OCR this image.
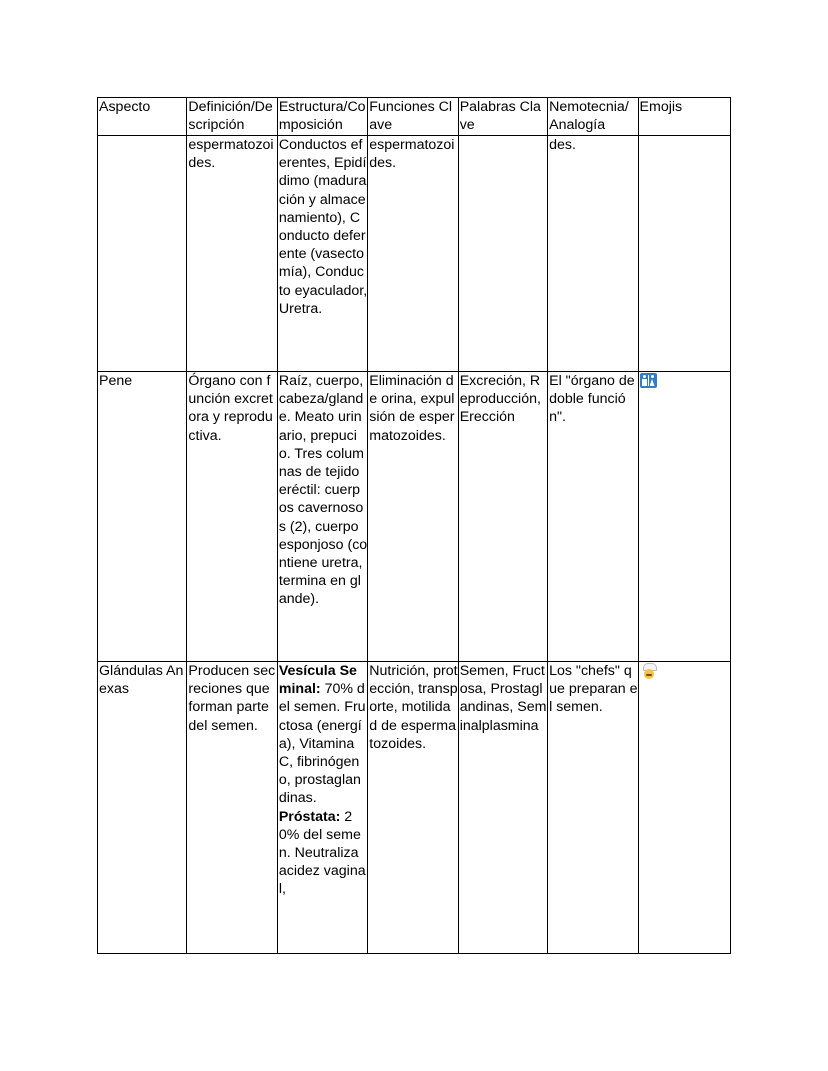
Aspecto	Definición/Descripción	Estructura/Composición	Funciones Clave	Palabras Clave	Nemotecnia/Analogía	Emojis
	espermatozoides.	Conductos eferentes, Epidídimo (maduración y almacenamiento), Conducto deferente (vasectomía), Conducto eyaculador, Uretra.	espermatozoides.		des.	
Pene	Órgano con función excretora y reproductiva.	Raíz, cuerpo, cabeza/glande. Meato urinario, prepucio. Tres columnas de tejido eréctil: cuerpos cavernosos (2), cuerpo esponjoso (contiene uretra, termina en glande).	Eliminación de orina, expulsión de espermatozoides.	Excreción, Reproducción, Erección	El "órgano de doble función".	

Glándulas Anexas	Producen secreciones que forman parte del semen.	Vesícula Seminal: 70% del semen. Fructosa (energía), Vitamina C, fibrinógeno, prostaglandinas.
Próstata: 20% del semen. Neutraliza acidez vaginal,	Nutrición, protección, transporte, motilidad de espermatozoides.	Semen, Fructosa, Prostaglandinas, Seminalplasmina	Los "chefs" que preparan el semen.	
